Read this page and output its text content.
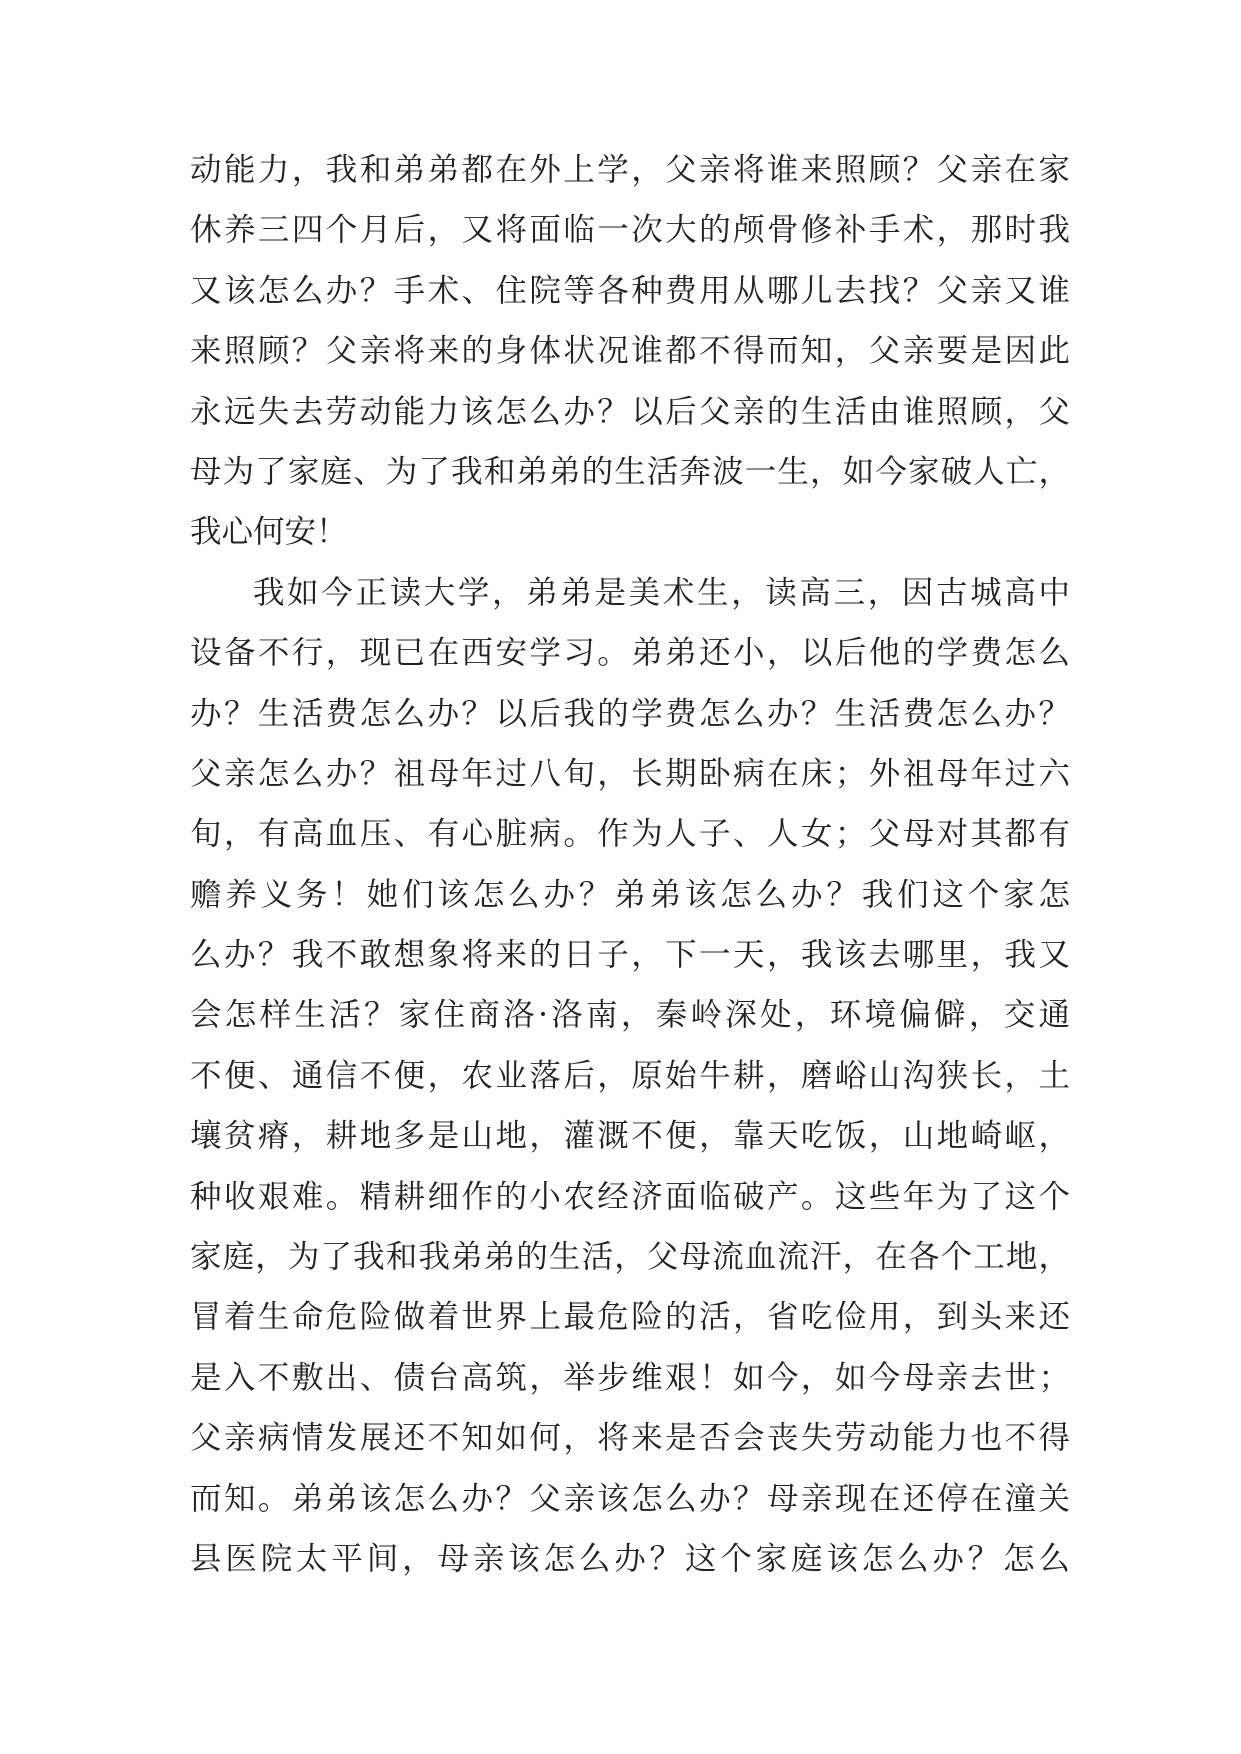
动能力，我和弟弟都在外上学，父亲将谁来照顾？父亲在家
休养三四个月后，又将面临一次大的颅骨修补手术，那时我
又该怎么办？手术、住院等各种费用从哪儿去找？父亲又谁
来照顾？父亲将来的身体状况谁都不得而知，父亲要是因此
永远失去劳动能力该怎么办？以后父亲的生活由谁照顾，父
母为了家庭、为了我和弟弟的生活奔波一生，如今家破人亡，
我心何安！
我如今正读大学，弟弟是美术生，读高三，因古城高中
设备不行，现已在西安学习。弟弟还小，以后他的学费怎么
办？生活费怎么办？以后我的学费怎么办？生活费怎么办？
父亲怎么办？祖母年过八旬，长期卧病在床；外祖母年过六
旬，有高血压、有心脏病。作为人子、人女；父母对其都有
赡养义务！她们该怎么办？弟弟该怎么办？我们这个家怎
么办？我不敢想象将来的日子，下一天，我该去哪里，我又
会怎样生活？家住商洛·洛南，秦岭深处，环境偏僻，交通
不便、通信不便，农业落后，原始牛耕，磨峪山沟狭长，土
壤贫瘠，耕地多是山地，灌溉不便，靠天吃饭，山地崎岖，
种收艰难。精耕细作的小农经济面临破产。这些年为了这个
家庭，为了我和我弟弟的生活，父母流血流汗，在各个工地，
冒着生命危险做着世界上最危险的活，省吃俭用，到头来还
是入不敷出、债台高筑，举步维艰！如今，如今母亲去世；
父亲病情发展还不知如何，将来是否会丧失劳动能力也不得
而知。弟弟该怎么办？父亲该怎么办？母亲现在还停在潼关
县医院太平间，母亲该怎么办？这个家庭该怎么办？怎么
